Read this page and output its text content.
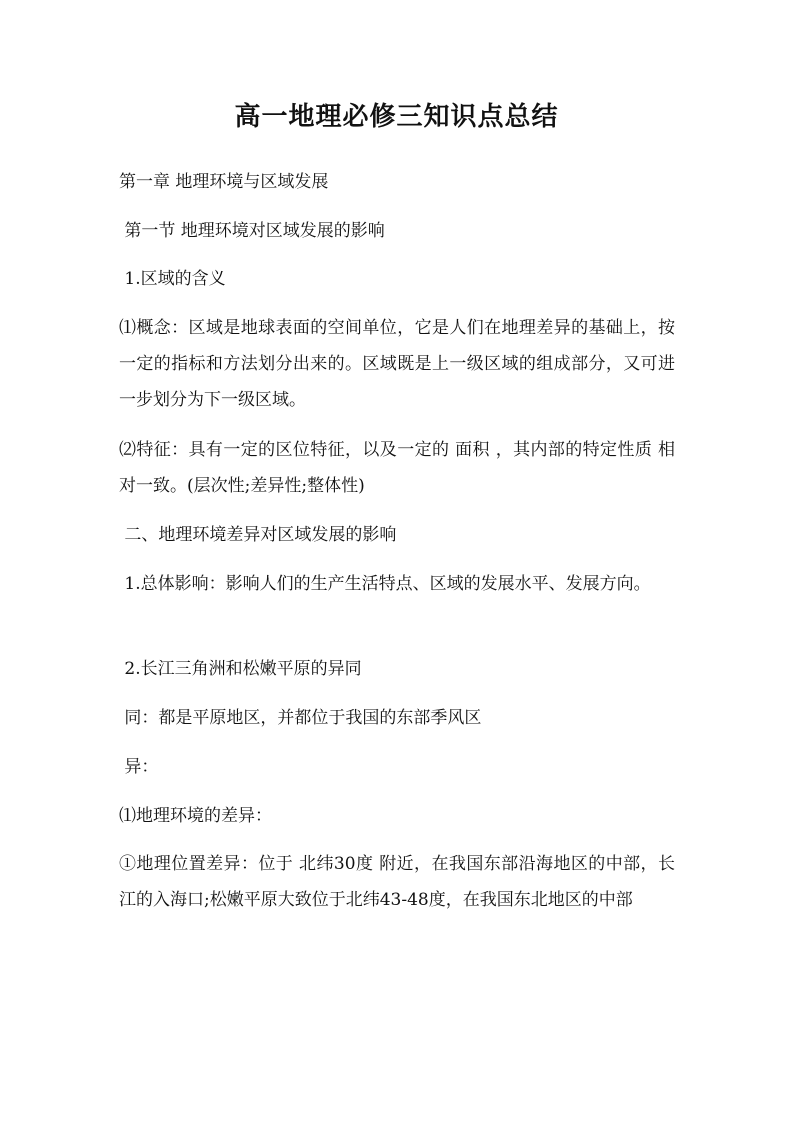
高一地理必修三知识点总结
第一章 地理环境与区域发展
第一节 地理环境对区域发展的影响
1.区域的含义
⑴概念：区域是地球表面的空间单位，它是人们在地理差异的基础上，按一定的指标和方法划分出来的。区域既是上一级区域的组成部分，又可进一步划分为下一级区域。
⑵特征：具有一定的区位特征，以及一定的 面积 ，其内部的特定性质 相对一致。(层次性;差异性;整体性)
二、地理环境差异对区域发展的影响
1.总体影响：影响人们的生产生活特点、区域的发展水平、发展方向。
2.长江三角洲和松嫩平原的异同
同：都是平原地区，并都位于我国的东部季风区
异：
⑴地理环境的差异：
①地理位置差异：位于 北纬30度 附近，在我国东部沿海地区的中部，长江的入海口;松嫩平原大致位于北纬43-48度，在我国东北地区的中部
